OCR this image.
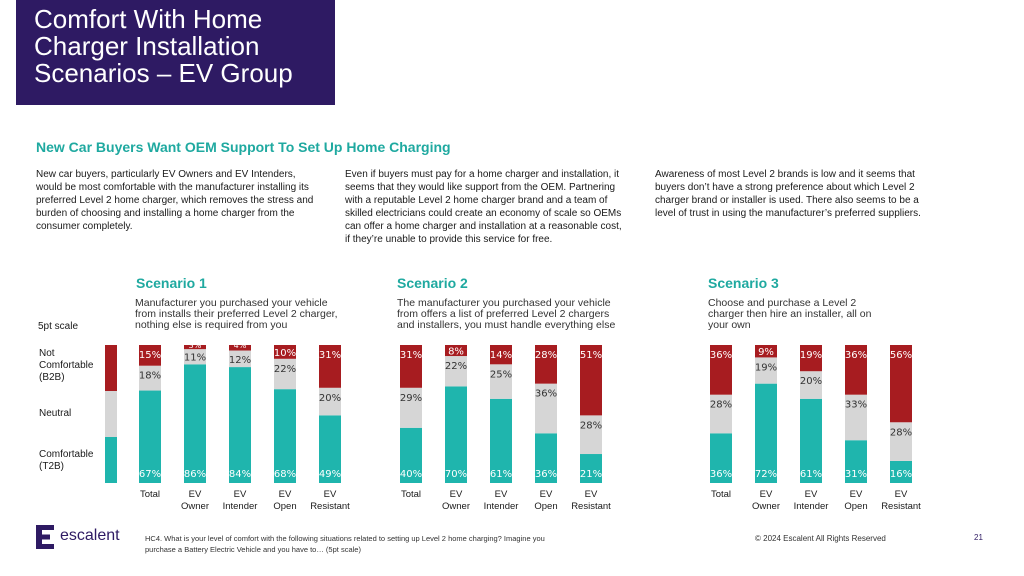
Comfort With Home
Charger Installation
Scenarios – EV Group
New Car Buyers Want OEM Support To Set Up Home Charging
New car buyers, particularly EV Owners and EV Intenders,
would be most comfortable with the manufacturer installing its
preferred Level 2 home charger, which removes the stress and
burden of choosing and installing a home charger from the
consumer completely.
Even if buyers must pay for a home charger and installation, it
seems that they would like support from the OEM. Partnering
with a reputable Level 2 home charger brand and a team of
skilled electricians could create an economy of scale so OEMs
can offer a home charger and installation at a reasonable cost,
if they’re unable to provide this service for free.
Awareness of most Level 2 brands is low and it seems that
buyers don’t have a strong preference about which Level 2
charger brand or installer is used. There also seems to be a
level of trust in using the manufacturer’s preferred suppliers.
Scenario 1	Scenario 2	Scenario 3
Manufacturer you purchased your vehicle
from installs their preferred Level 2 charger,
nothing else is required from you
The manufacturer you purchased your vehicle
from offers a list of preferred Level 2 chargers
and installers, you must handle everything else
Choose and purchase a Level 2
charger then hire an installer, all on
your own
5pt scale
Not
Comfortable
(B2B)
Neutral
Comfortable
(T2B)
67%
18%
15%
Total
86%
11%
3%
EV
Owner
84%
12%
4%
EV
Intender
68%
22%
10%
EV
Open
49%
20%
31%
EV
Resistant
40%
29%
31%
Total
70%
22%
8%
EV
Owner
61%
25%
14%
EV
Intender
36%
36%
28%
EV
Open
21%
28%
51%
EV
Resistant
36%
28%
36%
Total
72%
19%
9%
EV
Owner
61%
20%
19%
EV
Intender
31%
33%
36%
EV
Open
16%
28%
56%
EV
Resistant
escalent	HC4. What is your level of comfort with the following situations related to setting up Level 2 home charging? Imagine you
purchase a Battery Electric Vehicle and you have to… (5pt scale)
© 2024 Escalent All Rights Reserved	21
